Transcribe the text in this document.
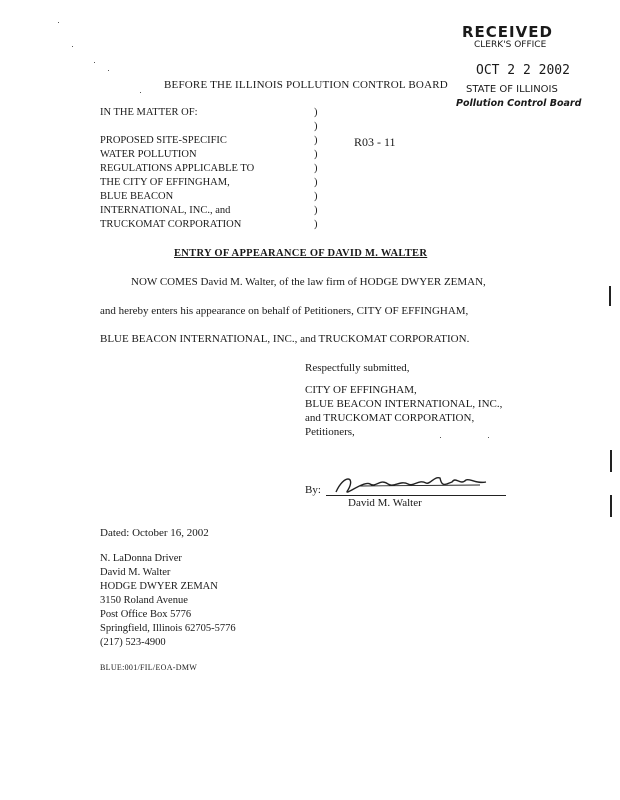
RECEIVED
CLERK'S OFFICE
OCT 2 2 2002
STATE OF ILLINOIS
Pollution Control Board
BEFORE THE ILLINOIS POLLUTION CONTROL BOARD
IN THE MATTER OF:
PROPOSED SITE-SPECIFIC
WATER POLLUTION
REGULATIONS APPLICABLE TO
THE CITY OF EFFINGHAM,
BLUE BEACON
INTERNATIONAL, INC., and
TRUCKOMAT CORPORATION
)
)
)
)
)
)
)
)
)
R03 - 11
ENTRY OF APPEARANCE OF DAVID M. WALTER
NOW COMES David M. Walter, of the law firm of HODGE DWYER ZEMAN,
and hereby enters his appearance on behalf of Petitioners, CITY OF EFFINGHAM,
BLUE BEACON INTERNATIONAL, INC., and TRUCKOMAT CORPORATION.
Respectfully submitted,
CITY OF EFFINGHAM,
BLUE BEACON INTERNATIONAL, INC.,
and TRUCKOMAT CORPORATION,
Petitioners,
By:
David M. Walter
Dated: October 16, 2002
N. LaDonna Driver
David M. Walter
HODGE DWYER ZEMAN
3150 Roland Avenue
Post Office Box 5776
Springfield, Illinois 62705-5776
(217) 523-4900
BLUE:001/FIL/EOA-DMW
